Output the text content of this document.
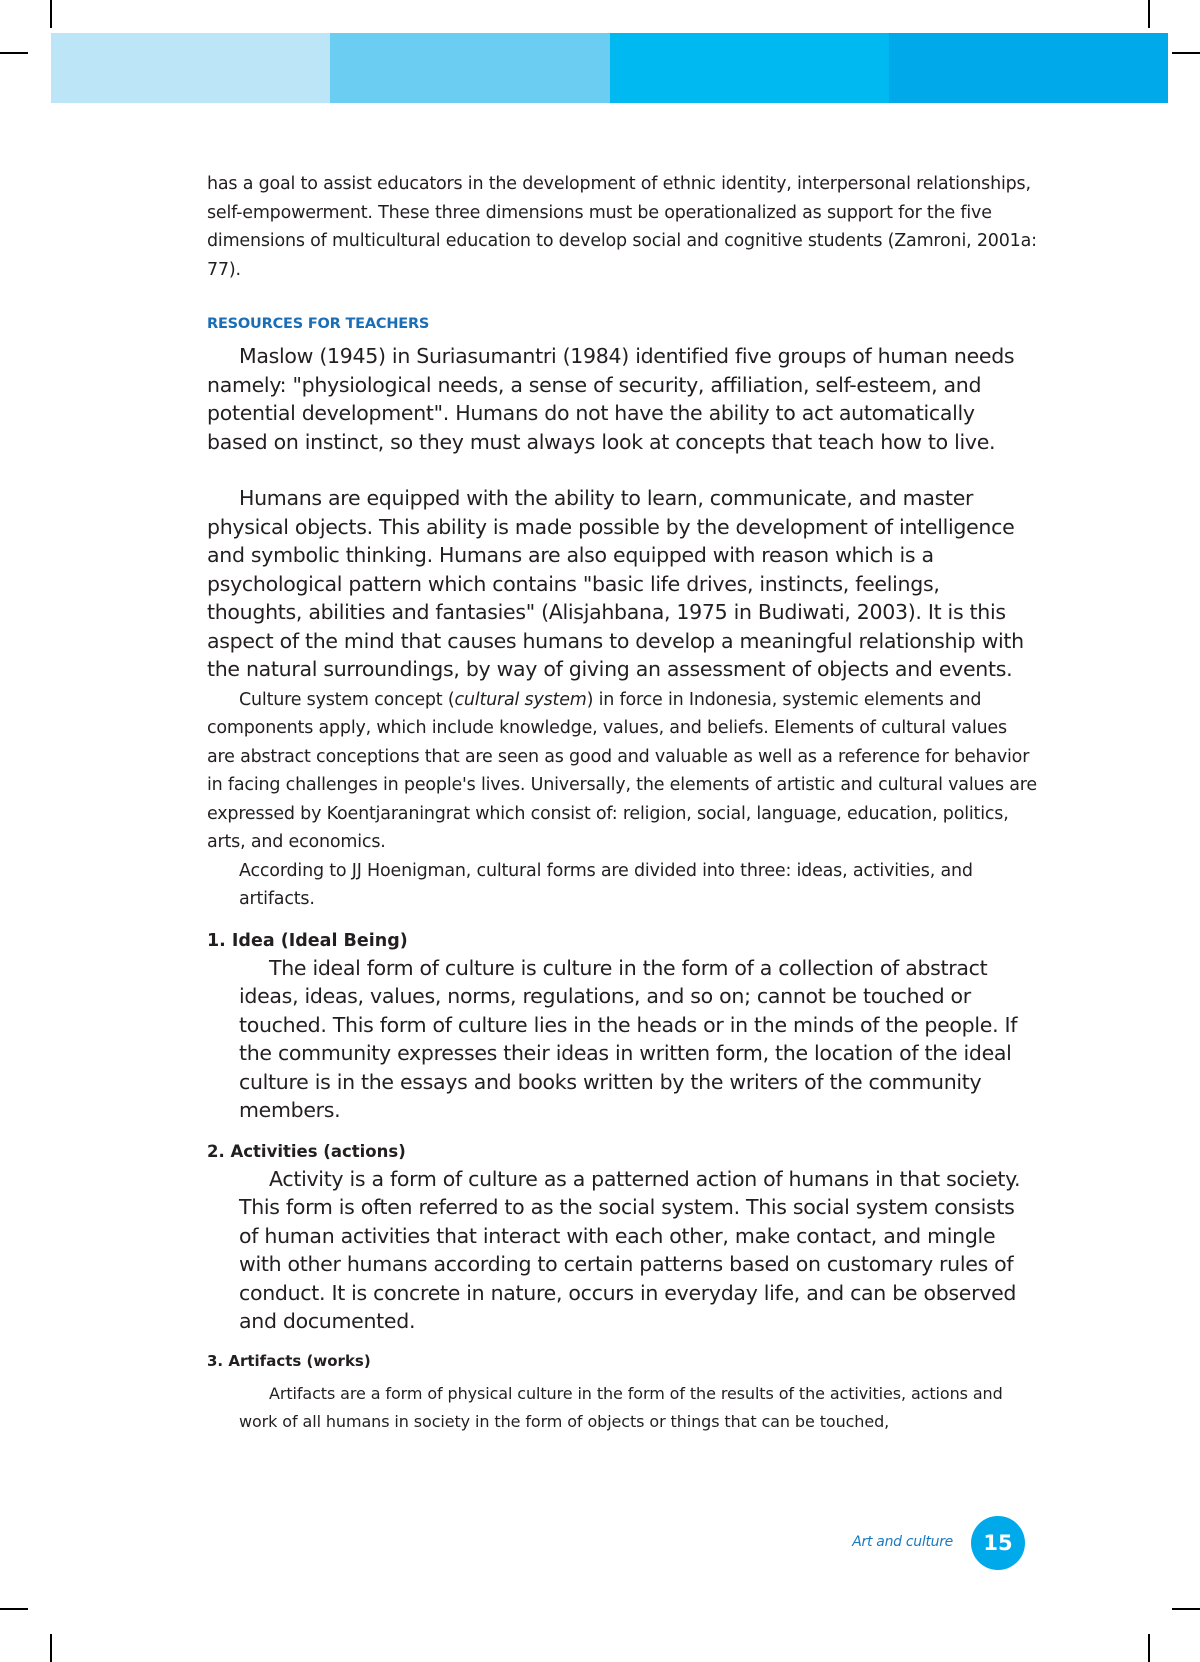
has a goal to assist educators in the development of ethnic identity, interpersonal relationships, self-empowerment. These three dimensions must be operationalized as support for the five dimensions of multicultural education to develop social and cognitive students (Zamroni, 2001a: 77).

RESOURCES FOR TEACHERS

Maslow (1945) in Suriasumantri (1984) identified five groups of human needs namely: "physiological needs, a sense of security, affiliation, self-esteem, and potential development". Humans do not have the ability to act automatically based on instinct, so they must always look at concepts that teach how to live.

Humans are equipped with the ability to learn, communicate, and master physical objects. This ability is made possible by the development of intelligence and symbolic thinking. Humans are also equipped with reason which is a psychological pattern which contains "basic life drives, instincts, feelings, thoughts, abilities and fantasies" (Alisjahbana, 1975 in Budiwati, 2003). It is this aspect of the mind that causes humans to develop a meaningful relationship with the natural surroundings, by way of giving an assessment of objects and events.

Culture system concept (cultural system) in force in Indonesia, systemic elements and components apply, which include knowledge, values, and beliefs. Elements of cultural values are abstract conceptions that are seen as good and valuable as well as a reference for behavior in facing challenges in people's lives. Universally, the elements of artistic and cultural values are expressed by Koentjaraningrat which consist of: religion, social, language, education, politics, arts, and economics.

According to JJ Hoenigman, cultural forms are divided into three: ideas, activities, and artifacts.

1. Idea (Ideal Being)

The ideal form of culture is culture in the form of a collection of abstract ideas, ideas, values, norms, regulations, and so on; cannot be touched or touched. This form of culture lies in the heads or in the minds of the people. If the community expresses their ideas in written form, the location of the ideal culture is in the essays and books written by the writers of the community members.

2. Activities (actions)

Activity is a form of culture as a patterned action of humans in that society. This form is often referred to as the social system. This social system consists of human activities that interact with each other, make contact, and mingle with other humans according to certain patterns based on customary rules of conduct. It is concrete in nature, occurs in everyday life, and can be observed and documented.

3. Artifacts (works)

Artifacts are a form of physical culture in the form of the results of the activities, actions and work of all humans in society in the form of objects or things that can be touched,

Art and culture	15
